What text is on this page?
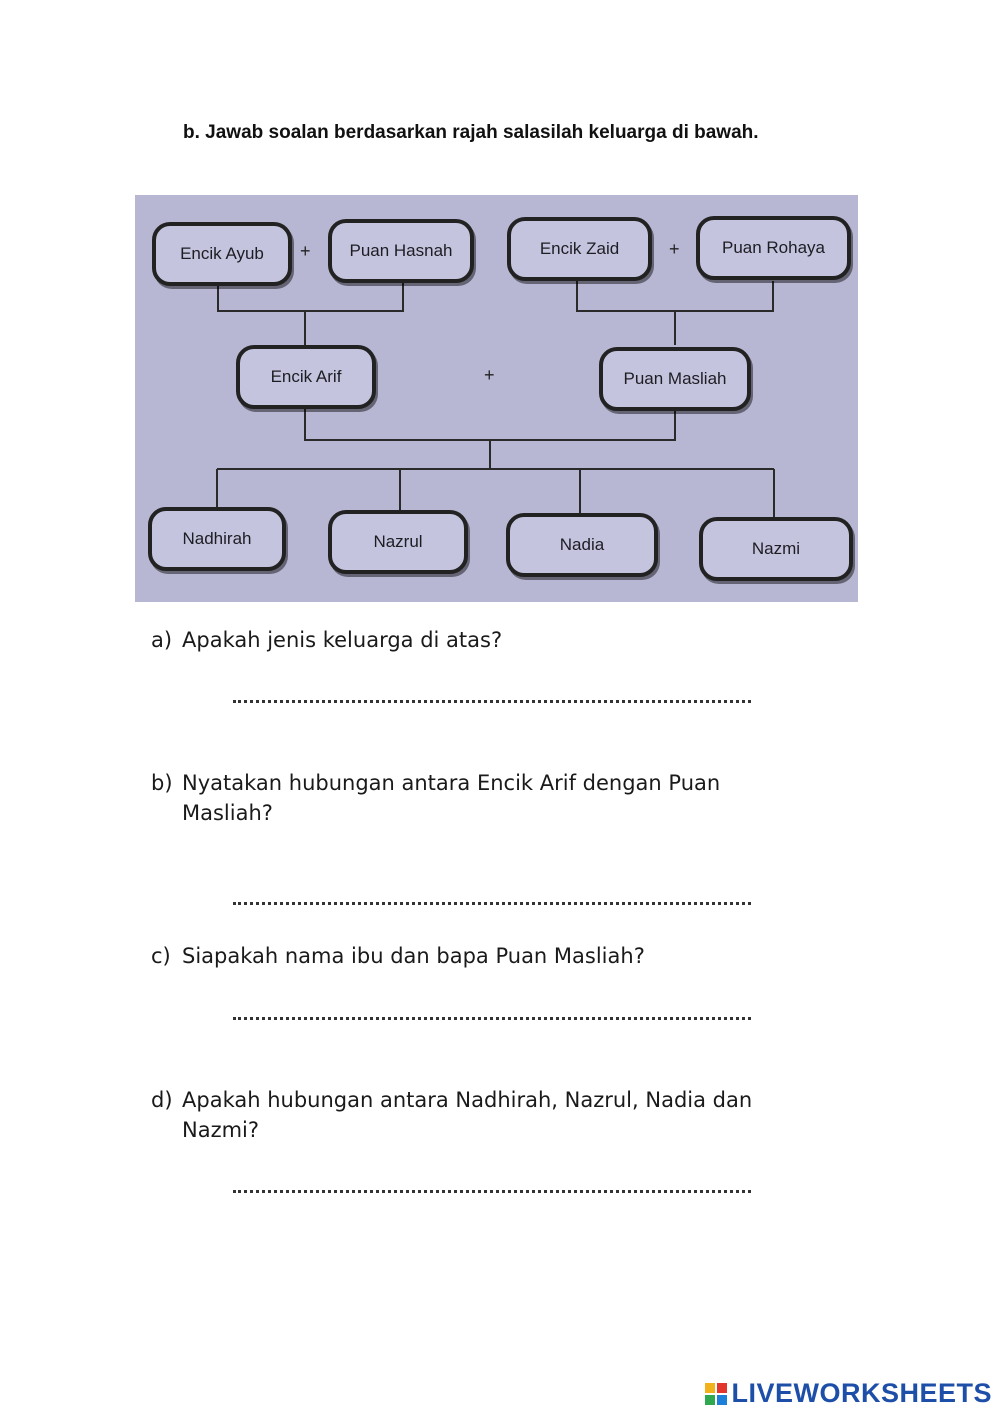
b. Jawab soalan berdasarkan rajah salasilah keluarga di bawah.
Encik Ayub	+	Puan Hasnah	Encik Zaid	+	Puan Rohaya
Encik Arif	+	Puan Masliah
Nadhirah	Nazrul	Nadia	Nazmi
a) Apakah jenis keluarga di atas?
b) Nyatakan hubungan antara Encik Arif dengan Puan Masliah?
c) Siapakah nama ibu dan bapa Puan Masliah?
d) Apakah hubungan antara Nadhirah, Nazrul, Nadia dan Nazmi?
LIVEWORKSHEETS
